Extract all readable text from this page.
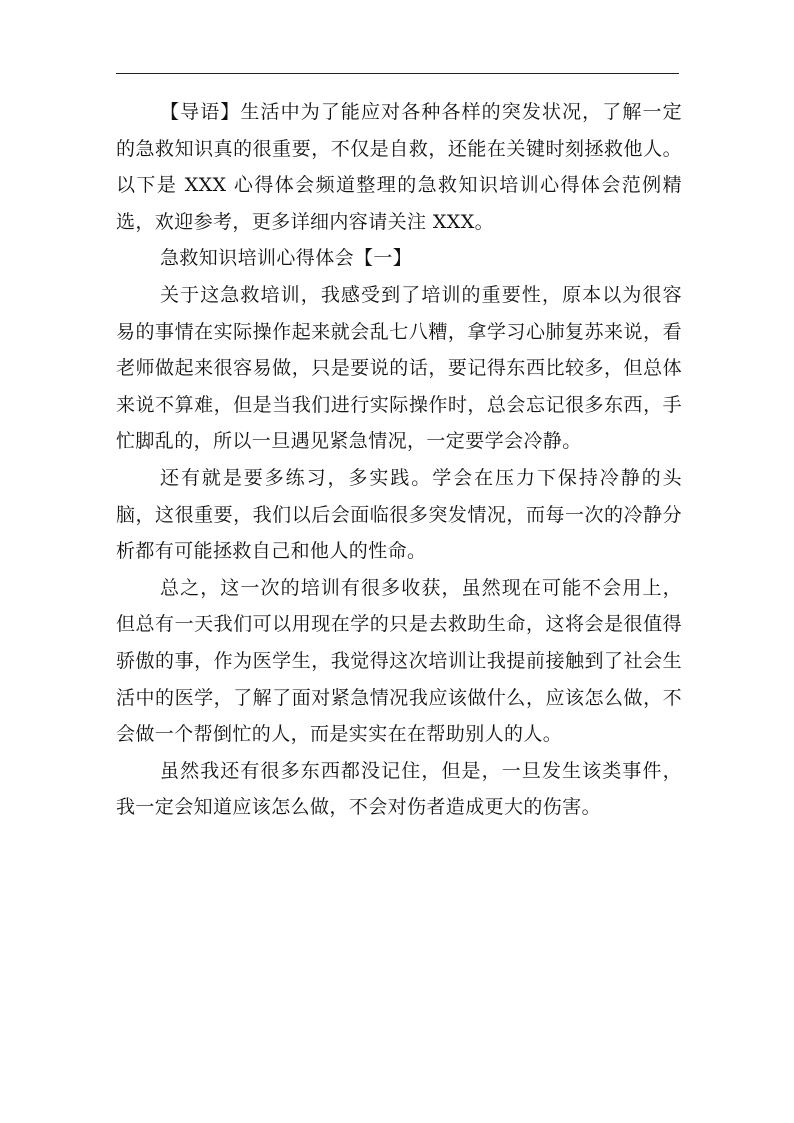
【导语】生活中为了能应对各种各样的突发状况，了解一定的急救知识真的很重要，不仅是自救，还能在关键时刻拯救他人。以下是 XXX 心得体会频道整理的急救知识培训心得体会范例精选，欢迎参考，更多详细内容请关注 XXX。

急救知识培训心得体会【一】

关于这急救培训，我感受到了培训的重要性，原本以为很容易的事情在实际操作起来就会乱七八糟，拿学习心肺复苏来说，看老师做起来很容易做，只是要说的话，要记得东西比较多，但总体来说不算难，但是当我们进行实际操作时，总会忘记很多东西，手忙脚乱的，所以一旦遇见紧急情况，一定要学会冷静。

还有就是要多练习，多实践。学会在压力下保持冷静的头脑，这很重要，我们以后会面临很多突发情况，而每一次的冷静分析都有可能拯救自己和他人的性命。

总之，这一次的培训有很多收获，虽然现在可能不会用上，但总有一天我们可以用现在学的只是去救助生命，这将会是很值得骄傲的事，作为医学生，我觉得这次培训让我提前接触到了社会生活中的医学，了解了面对紧急情况我应该做什么，应该怎么做，不会做一个帮倒忙的人，而是实实在在帮助别人的人。

虽然我还有很多东西都没记住，但是，一旦发生该类事件，我一定会知道应该怎么做，不会对伤者造成更大的伤害。
